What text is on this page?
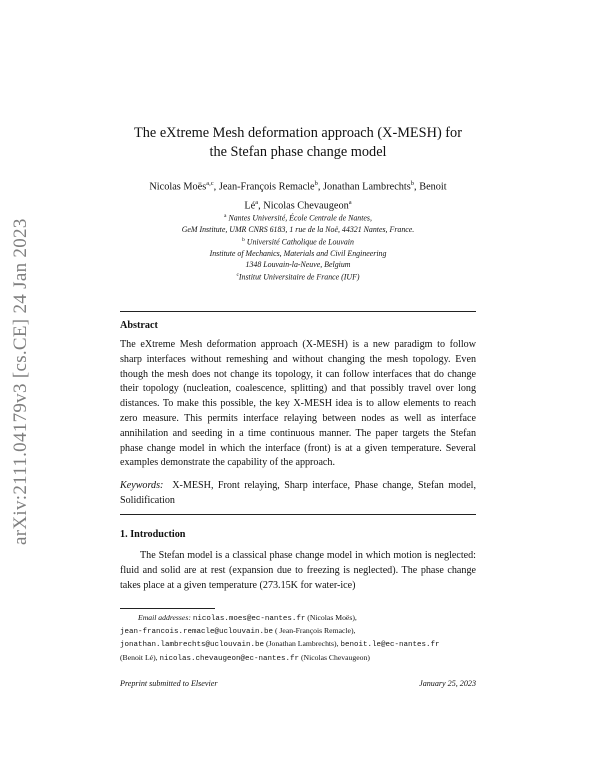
arXiv:2111.04179v3 [cs.CE] 24 Jan 2023
The eXtreme Mesh deformation approach (X-MESH) for
the Stefan phase change model
Nicolas Moës$^{a,c}$, Jean-François Remacle$^b$, Jonathan Lambrechts$^b$, Benoit
$Lé^a$, Nicolas Chevaugeon$^a$
$^a$ Nantes Université, École Centrale de Nantes,
GeM Institute, UMR CNRS 6183, 1 rue de la Noë, 44321 Nantes, France.
$^b$ Université Catholique de Louvain
Institute of Mechanics, Materials and Civil Engineering
1348 Louvain-la-Neuve, Belgium
$^c$Institut Universitaire de France (IUF)
Abstract
The eXtreme Mesh deformation approach (X-MESH) is a new paradigm to follow sharp interfaces without remeshing and without changing the mesh topology. Even though the mesh does not change its topology, it can follow interfaces that do change their topology (nucleation, coalescence, splitting) and that possibly travel over long distances. To make this possible, the key X-MESH idea is to allow elements to reach zero measure. This permits interface relaying between nodes as well as interface annihilation and seeding in a time continuous manner. The paper targets the Stefan phase change model in which the interface (front) is at a given temperature. Several examples demonstrate the capability of the approach.
Keywords: X-MESH, Front relaying, Sharp interface, Phase change, Stefan model, Solidification
1. Introduction
The Stefan model is a classical phase change model in which motion is neglected: fluid and solid are at rest (expansion due to freezing is neglected). The phase change takes place at a given temperature (273.15K for water-ice)
Email addresses: nicolas.moes@ec-nantes.fr (Nicolas Moës),
jean-francois.remacle@uclouvain.be ( Jean-François Remacle),
jonathan.lambrechts@uclouvain.be (Jonathan Lambrechts), benoit.le@ec-nantes.fr
(Benoit Lé), nicolas.chevaugeon@ec-nantes.fr (Nicolas Chevaugeon)
Preprint submitted to Elsevier	January 25, 2023
